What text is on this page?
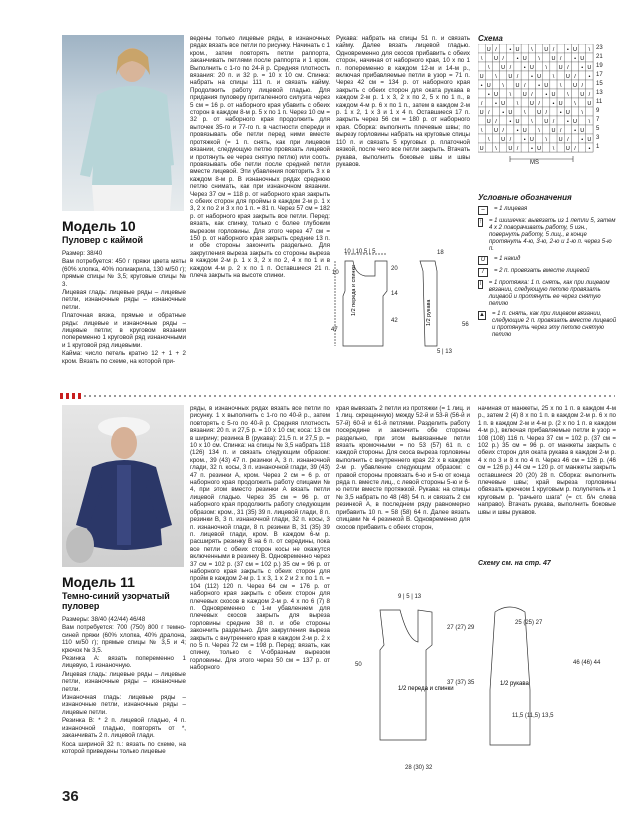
Модель 10
Пуловер с каймой

Размер: 38/40

Вам потребуется: 450 г пряжи цвета мяты (60% хлопка, 40% полиакрила, 130 м/50 г); прямые спицы № 3,5; круговые спицы № 3.

Лицевая гладь: лицевые ряды – лицевые петли, изнаночные ряды – изнаночные петли.

Платочная вязка, прямые и обратные ряды: лицевые и изнаночные ряды – лицевые петли; в круговом вязании попеременно 1 круговой ряд изнаночными и 1 круговой ряд лицевыми.

Кайма: число петель кратно 12 + 1 + 2 кром. Вязать по схеме, на которой при-

ведены только лицевые ряды, в изнаночных рядах вязать все петли по рисунку. Начинать с 1 кром., затем повторять петли раппорта, заканчивать петлями после раппорта и 1 кром. Выполнить с 1-го по 24-й р. Средняя плотность вязания: 20 п. и 32 р. = 10 х 10 см. Спинка: набрать на спицы 111 п. и связать кайму. Продолжить работу лицевой гладью. Для придания пуловеру приталенного силуэта через 5 см = 16 р. от наборного края убавить с обеих сторон в каждом 8-м р. 5 х по 1 п. Через 10 см = 32 р. от наборного края продолжить для выточек 35-го и 77-го п. в частности спереди и провязывать обе петли перед ними вместе протяжкой (= 1 п. снять, как при лицевом вязании, следующую петлю провязать лицевой и протянуть ее через снятую петлю) или сооть. провязывать обе петли после средней петли вместе лицевой. Эти убавления повторить 3 х в каждом 8-м р. В изнаночных рядах среднюю петлю снимать, как при изнаночном вязании. Через 37 см = 118 р. от наборного края закрыть с обеих сторон для проймы в каждом 2-м р. 1 х 3, 2 х по 2 и 3 х по 1 п. = 81 п. Через 57 см = 182 р. от наборного края закрыть все петли. Перед: вязать, как спинку, только с более глубоким вырезом горловины. Для этого через 47 см = 150 р. от наборного края закрыть средние 13 п. и обе стороны закончить раздельно. Для закругления выреза закрыть со стороны выреза в каждом 2-м р. 1 х 3, 2 х по 2, 4 х по 1 и в каждом 4-м р. 2 х по 1 п. Оставшиеся 21 п. плеча закрыть на высоте спинки.
Рукава: набрать на спицы 51 п. и связать кайму. Далее вязать лицевой гладью. Одновременно для скосов прибавить с обеих сторон, начиная от наборного края, 10 х по 1 п. попеременно в каждом 12-м и 14-м р., включая прибавляемые петли в узор = 71 п. Через 42 см = 134 р. от наборного края закрыть с обеих сторон для оката рукава в каждом 2-м р. 1 х 3, 2 х по 2, 5 х по 1 п., в каждом 4-м р. 6 х по 1 п., затем в каждом 2-м р. 1 х 2, 1 х 3 и 1 х 4 п. Оставшиеся 17 п. закрыть через 56 см = 180 р. от наборного края. Сборка: выполнить плечевые швы; по вырезу горловины набрать на круговые спицы 110 п. и связать 5 круговых р. платочной вязкой, после чего все петли закрыть. Втачать рукава, выполнить боковые швы и швы рукавов.
Схема
U / • U \ U / • U \
\ U / • U \ U / • U
\ U / • U \ U / • U
U \ U / • U \ U / •
• U \ U / • U \ U /
• U \ U / • U \ U /
/ • U \ U / • U \ U
U / • U \ U / • U \
U / • U \ U / • U \
\ U / • U \ U / • U
\ U / • U \ U / • U
U \ U / • U \ U / •
MS
23
21
19
17
15
13
11
9
7
5
3
1
Условные обозначения
–	= 1 лицевая
↑ = 1 шишечка: вывязать из 1 петли 5, затем 4 х 2 поворачивать работу, 5 изн., повернуть работу, 5 лиц., в конце протянуть 4-ю, 3-ю, 2-ю и 1-ю п. через 5-ю п.
U	= 1 накид
/	= 2 п. провязать вместе лицевой
\ = 1 протяжка: 1 п. снять, как при лицевом вязании, следующую петлю провязать лицевой и протянуть ее через снятую петлю
▲ = 1 п. снять, как при лицевом вязании, следующие 2 п. провязать вместе лицевой и протянуть через эту петлю снятую петлю
1/2 переда и спинки	1/2 рукава
10 | 10,5 | 5
10
47
20
14
42
18
56
5 | 13
Модель 11
Темно-синий узорчатый пуловер

Размеры: 38/40 (42/44) 46/48

Вам потребуется: 700 (750) 800 г темно-синей пряжи (60% хлопка, 40% дралона, 110 м/50 г); прямые спицы № 3,5 и 4; крючок № 3,5.

Резинка А: вязать попеременно 1 лицевую, 1 изнаночную.

Лицевая гладь: лицевые ряды – лицевые петли, изнаночные ряды – изнаночные петли.

Изнаночная гладь: лицевые ряды – изнаночные петли, изнаночные ряды – лицевые петли.

Резинка В: * 2 п. лицевой гладью, 4 п. изнаночной гладью, повторять от *, заканчивать 2 п. лицевой глади.

Коса шириной 32 п.: вязать по схеме, на которой приведены только лицевые

ряды, в изнаночных рядах вязать все петли по рисунку. 1 х выполнить с 1-го по 40-й р., затем повторять с 5-го по 40-й р. Средняя плотность вязания: 20 п. и 27,5 р. = 10 х 10 см; коса: 13 см в ширину; резинка В (рукава): 21,5 п. и 27,5 р. = 10 х 10 см. Спинка: на спицы № 3,5 набрать 118 (126) 134 п. и связать следующим образом: кром., 39 (43) 47 п. резинки А, 3 п. изнаночной глади, 32 п. косы, 3 п. изнаночной глади, 39 (43) 47 п. резинки А, кром. Через 2 см = 6 р. от наборного края продолжить работу спицами № 4, при этом вместо резинки А вязать петли лицевой гладью. Через 35 см = 96 р. от наборного края продолжить работу следующим образом: кром., 31 (35) 39 п. лицевой глади, 8 п. резинки В, 3 п. изнаночной глади, 32 п. косы, 3 п. изнаночной глади, 8 п. резинки В, 31 (35) 39 п. лицевой глади, кром. В каждом 6-м р. расширять резинку В на 6 п. от середины, пока все петли с обеих сторон косы не окажутся включенными в резинку В. Одновременно через 37 см = 102 р. (37 см = 102 р.) 35 см = 96 р. от наборного края закрыть с обеих сторон для пройм в каждом 2-м р. 1 х 3, 1 х 2 и 2 х по 1 п. = 104 (112) 120 п. Через 64 см = 176 р. от наборного края закрыть с обеих сторон для плечевых скосов в каждом 2-м р. 4 х по 6 (7) 8 п. Одновременно с 1-м убавлением для плечевых скосов закрыть для выреза горловины средние 38 п. и обе стороны закончить раздельно. Для закругления выреза закрыть с внутреннего края в каждом 2-м р. 2 х по 5 п. Через 72 см = 198 р. Перед: вязать, как спинку, только с V-образным вырезом горловины. Для этого через 50 см = 137 р. от наборного
края вывязать 2 петли из протяжки (= 1 лиц. и 1 лиц. скрещенную) между 52-й и 53-й (56-й и 57-й) 60-й и 61-й петлями. Разделить работу посередине и закончить обе стороны раздельно, при этом вывязанные петли вязать кромочными = по 53 (57) 61 п. с каждой стороны. Для скоса выреза горловины выполнить с внутреннего края 22 х в каждом 2-м р. убавление следующим образом: с правой стороны провязать 6-ю и 5-ю от конца ряда п. вместе лиц., с левой стороны 5-ю и 6-ю петли вместе протяжкой. Рукава: на спицы № 3,5 набрать по 48 (48) 54 п. и связать 2 см резинкой А, в последнем ряду равномерно прибавить 10 п. = 58 (58) 64 п. Далее вязать спицами № 4 резинкой В. Одновременно для скосов прибавить с обеих сторон,
начиная от манжеты, 25 х по 1 п. в каждом 4-м р., затем 2 (4) 8 х по 1 п. в каждом 2-м р. 6 х по 1 п. в каждом 2-м и 4-м р. (2 х по 1 п. в каждом 4-м р.), включая прибавляемые петли в узор = 108 (108) 116 п. Через 37 см = 102 р. (37 см = 102 р.) 35 см = 96 р. от манжеты закрыть с обеих сторон для оката рукава в каждом 2-м р. 4 х по 3 и 8 х по 4 п. Через 46 см = 126 р. (46 см = 126 р.) 44 см = 120 р. от манжеты закрыть оставшиеся 20 (20) 28 п. Сборка: выполнить плечевые швы; край выреза горловины обвязать крючком 1 круговым р. полупетель и 1 круговым р. "рачьего шага" (= ст. б/н слева направо). Втачать рукава, выполнить боковые швы и швы рукавов.
Схему см. на стр. 47
1/2 переда и спинки
1/2 рукава
9 | 5 | 13
50
27 (27) 29
37 (37) 35
28 (30) 32
25 (25) 27
46 (46) 44
11,5 (11,5) 13,5
36
